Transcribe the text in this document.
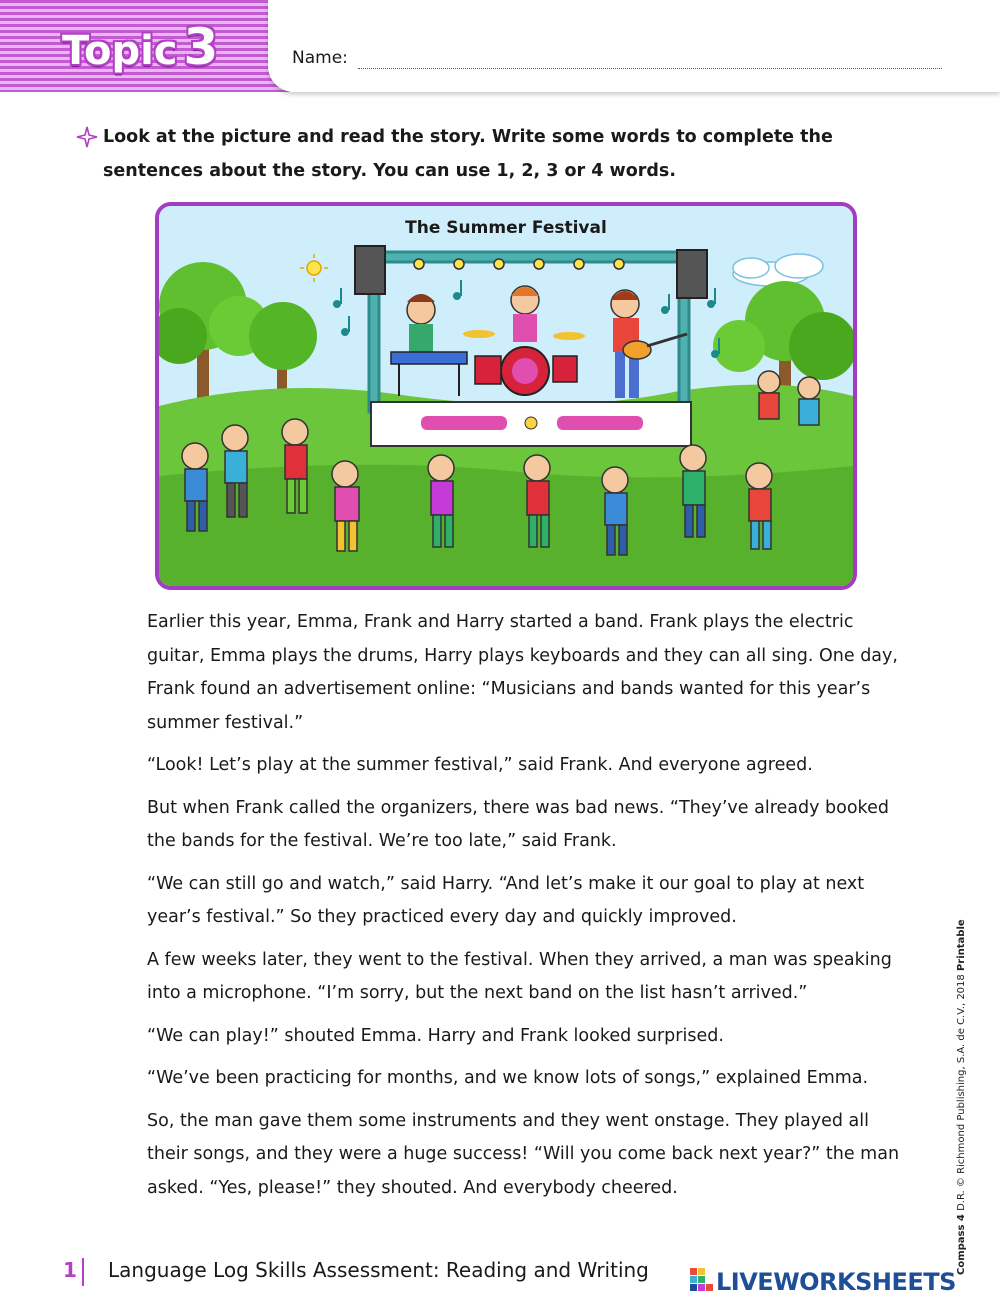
Topic 3	Name:

Look at the picture and read the story. Write some words to complete the sentences about the story. You can use 1, 2, 3 or 4 words.

The Summer Festival

Earlier this year, Emma, Frank and Harry started a band. Frank plays the electric guitar, Emma plays the drums, Harry plays keyboards and they can all sing. One day, Frank found an advertisement online: “Musicians and bands wanted for this year’s summer festival.”

“Look! Let’s play at the summer festival,” said Frank. And everyone agreed.

But when Frank called the organizers, there was bad news. “They’ve already booked the bands for the festival. We’re too late,” said Frank.

“We can still go and watch,” said Harry. “And let’s make it our goal to play at next year’s festival.” So they practiced every day and quickly improved.

A few weeks later, they went to the festival. When they arrived, a man was speaking into a microphone. “I’m sorry, but the next band on the list hasn’t arrived.”

“We can play!” shouted Emma. Harry and Frank looked surprised.

“We’ve been practicing for months, and we know lots of songs,” explained Emma.

So, the man gave them some instruments and they went onstage. They played all their songs, and they were a huge success! “Will you come back next year?” the man asked. “Yes, please!” they shouted. And everybody cheered.

1 Language Log Skills Assessment: Reading and Writing	Compass 4 D.R. © Richmond Publishing, S.A. de C.V., 2018 Printable
LIVEWORKSHEETS
